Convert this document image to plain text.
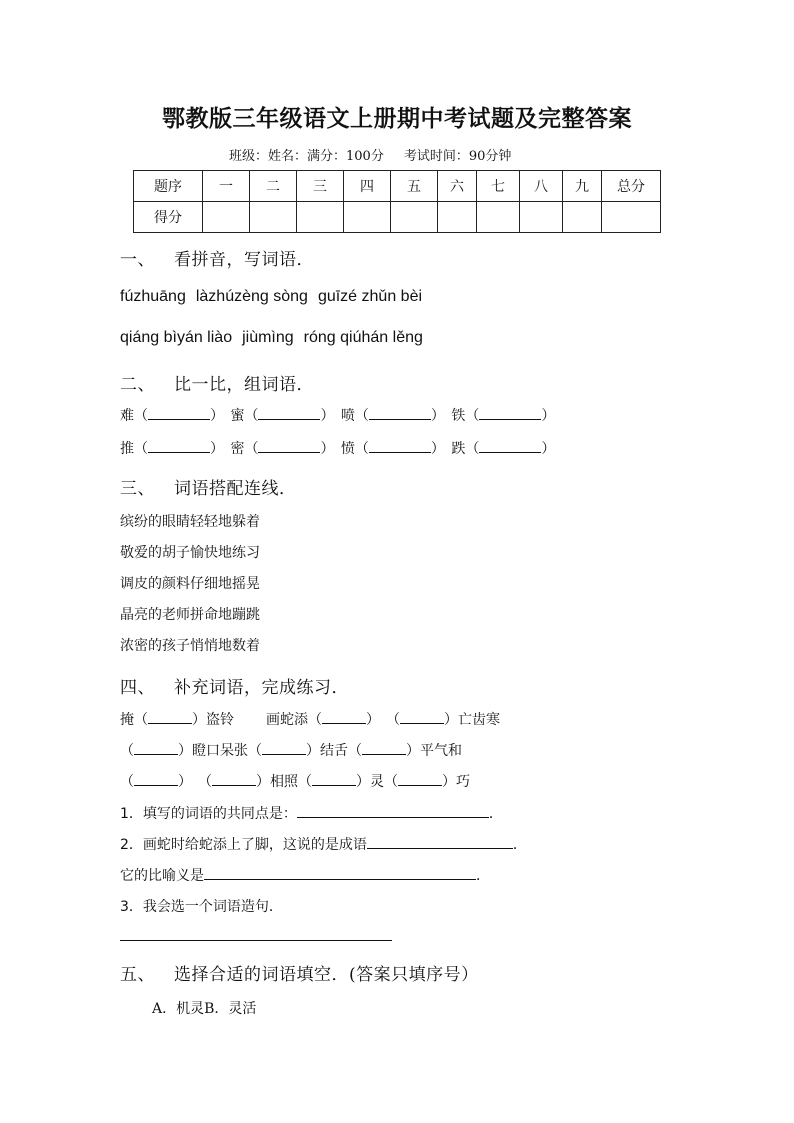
鄂教版三年级语文上册期中考试题及完整答案
班级：姓名：满分：100分 考试时间：90分钟
题序	一	二	三	四	五	六	七	八	九	总分
得分										
一、 看拼音，写词语．
fúzhuāng làzhúzèng sòng guīzé zhǔn bèi
qiáng bìyán liào jiùmìng róng qiúhán lěng
二、 比一比，组词语．
难（	） 蜜（	） 喷（	） 铁（	）
推（	） 密（	） 愤（	） 跌（	）
三、 词语搭配连线．
缤纷的眼睛轻轻地躲着
敬爱的胡子愉快地练习
调皮的颜料仔细地摇晃
晶亮的老师拼命地蹦跳
浓密的孩子悄悄地数着
四、 补充词语，完成练习．
掩（	）盗铃 画蛇添（	） （	）亡齿寒
（	）瞪口呆张（	）结舌（	）平气和
（	） （	）相照（	）灵（	）巧
1．填写的词语的共同点是：	．
2．画蛇时给蛇添上了脚，这说的是成语	．
它的比喻义是	．
3．我会选一个词语造句．
五、 选择合适的词语填空．(答案只填序号）
A．机灵B．灵活
